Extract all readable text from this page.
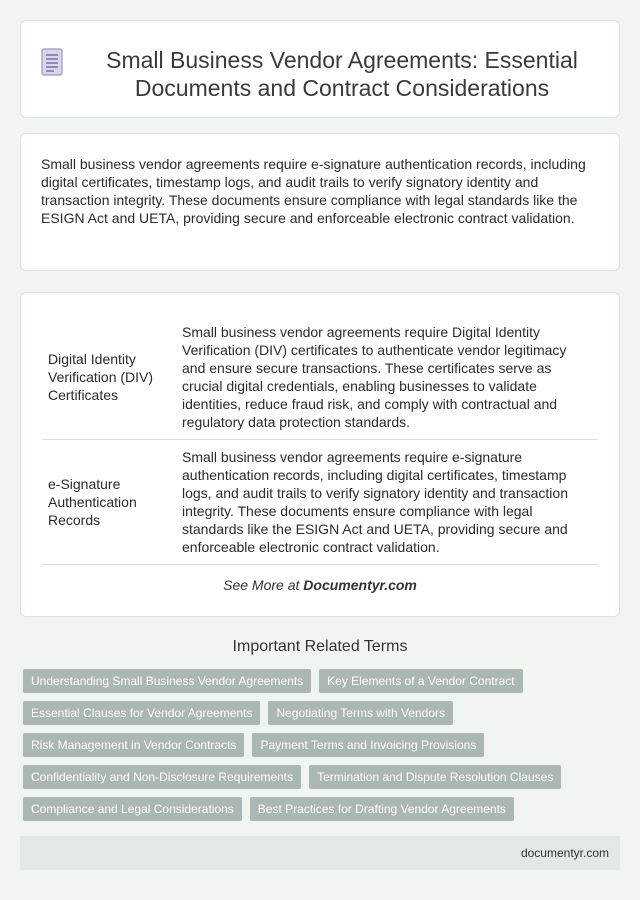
Small Business Vendor Agreements: Essential Documents and Contract Considerations

Small business vendor agreements require e-signature authentication records, including digital certificates, timestamp logs, and audit trails to verify signatory identity and transaction integrity. These documents ensure compliance with legal standards like the ESIGN Act and UETA, providing secure and enforceable electronic contract validation.

Digital Identity Verification (DIV) Certificates	Small business vendor agreements require Digital Identity Verification (DIV) certificates to authenticate vendor legitimacy and ensure secure transactions. These certificates serve as crucial digital credentials, enabling businesses to validate identities, reduce fraud risk, and comply with contractual and regulatory data protection standards.
e-Signature Authentication Records	Small business vendor agreements require e-signature authentication records, including digital certificates, timestamp logs, and audit trails to verify signatory identity and transaction integrity. These documents ensure compliance with legal standards like the ESIGN Act and UETA, providing secure and enforceable electronic contract validation.
See More at Documentyr.com
Important Related Terms
Understanding Small Business Vendor Agreements	Key Elements of a Vendor Contract
Essential Clauses for Vendor Agreements	Negotiating Terms with Vendors
Risk Management in Vendor Contracts	Payment Terms and Invoicing Provisions
Confidentiality and Non-Disclosure Requirements	Termination and Dispute Resolution Clauses
Compliance and Legal Considerations	Best Practices for Drafting Vendor Agreements
documentyr.com
